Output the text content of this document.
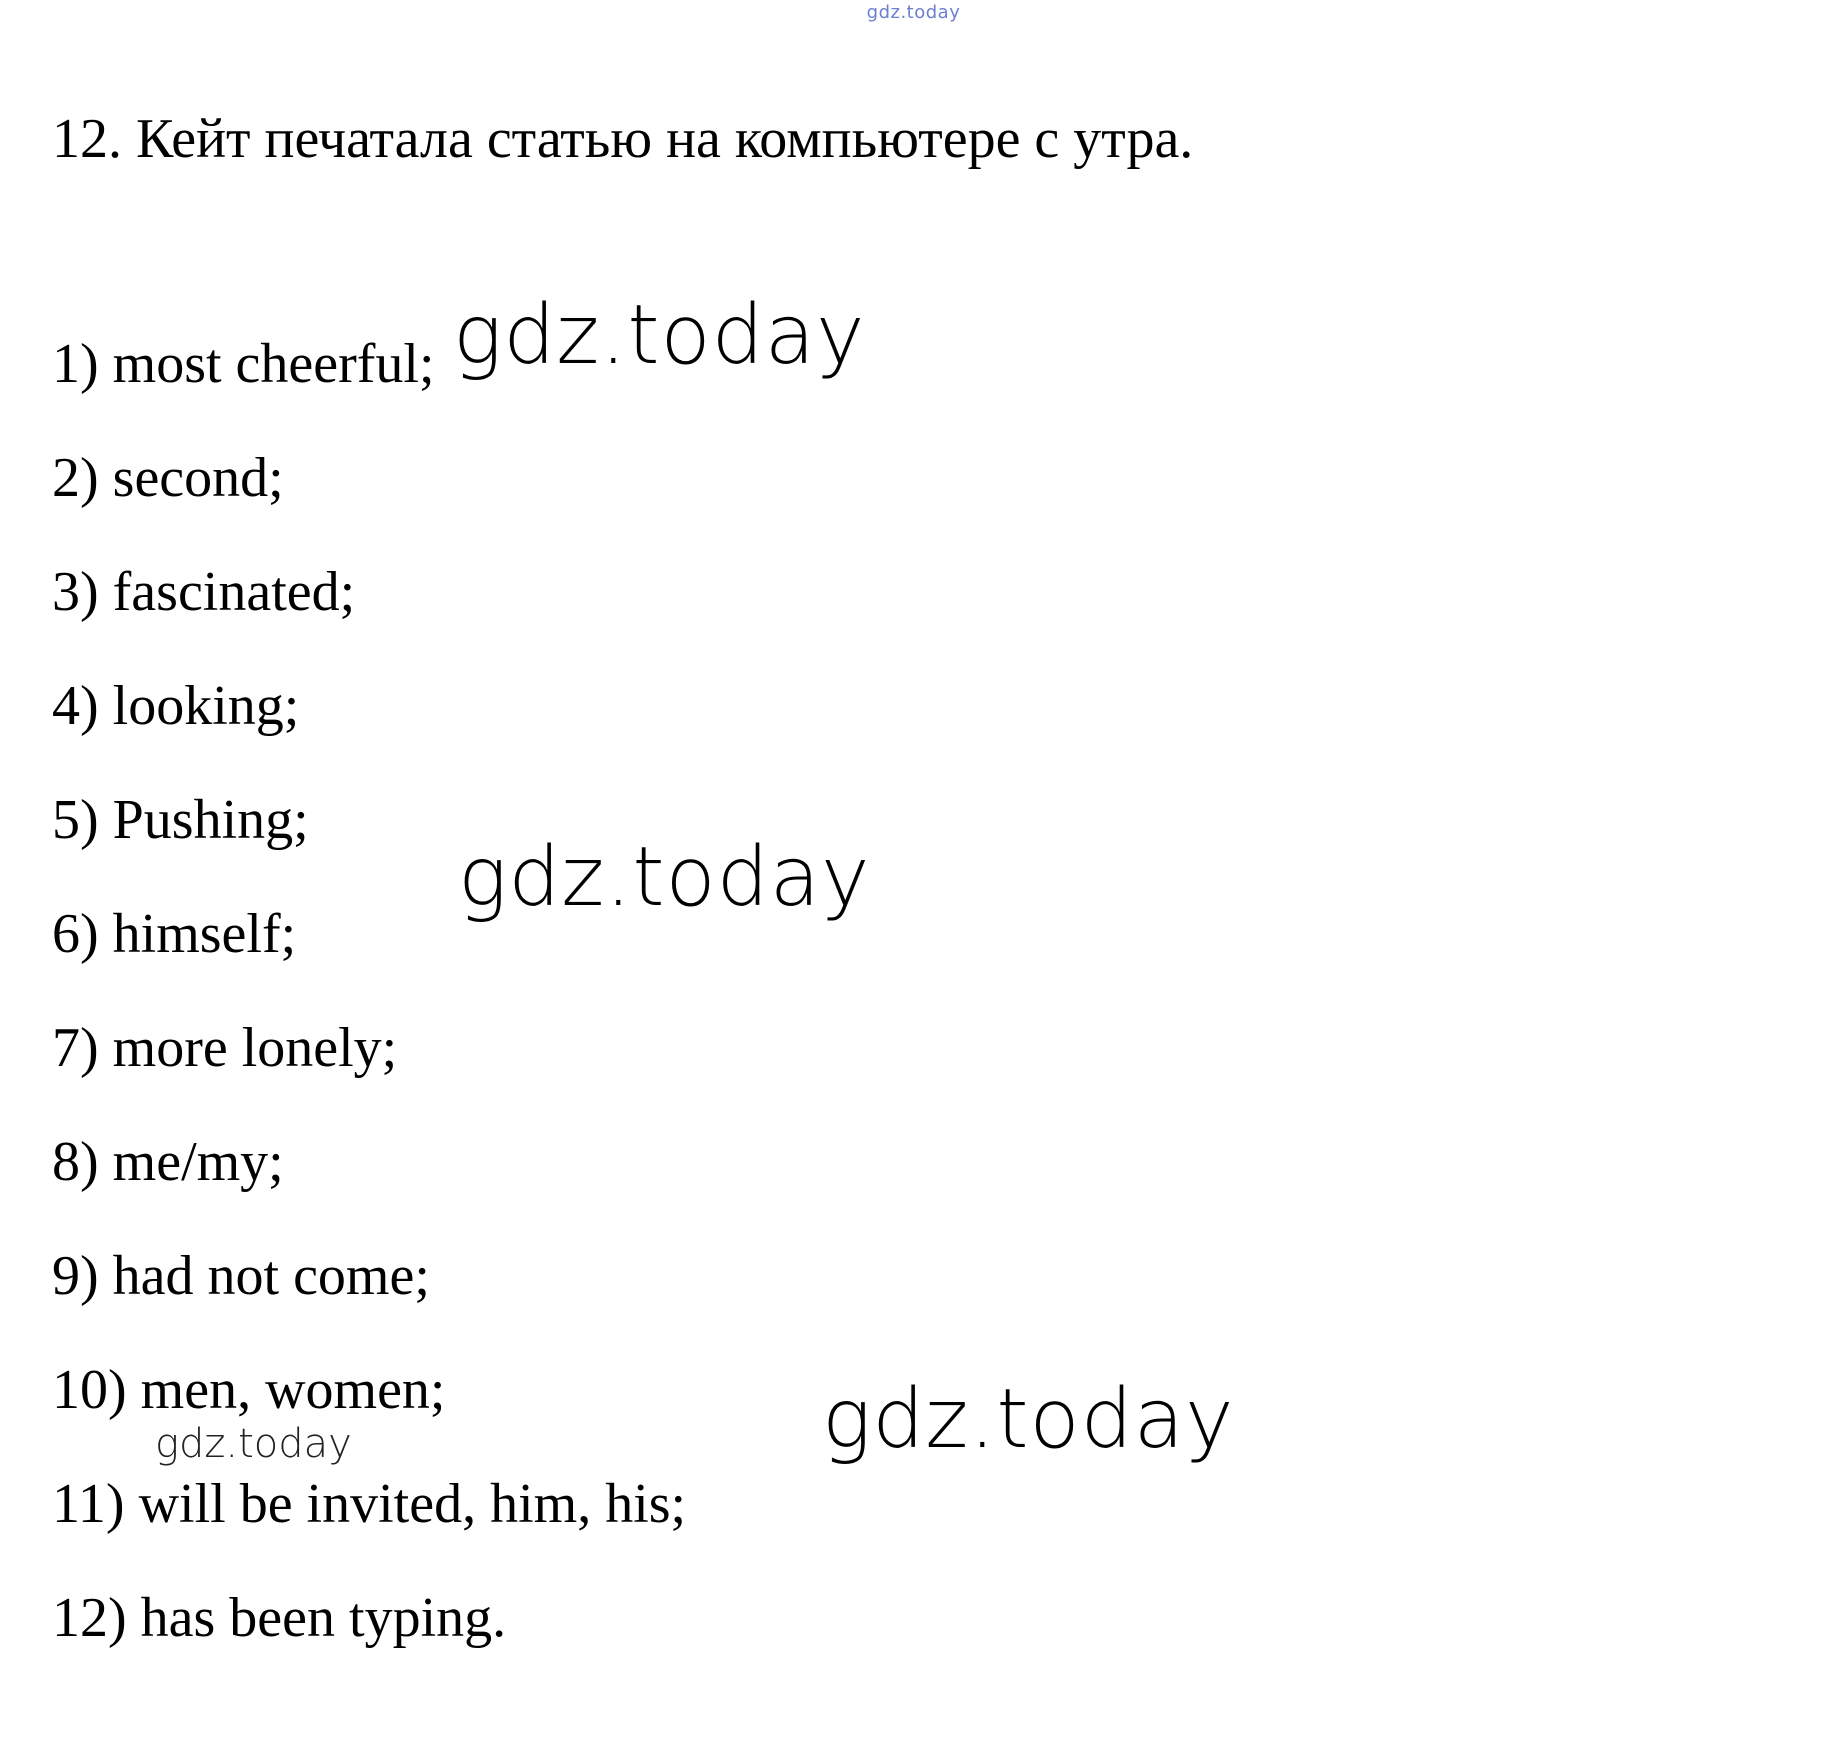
gdz.today
12. Кейт печатала статью на компьютере с утра.
1) most cheerful;
2) second;
3) fascinated;
4) looking;
5) Pushing;
6) himself;
7) more lonely;
8) me/my;
9) had not come;
10) men, women;
11) will be invited, him, his;
12) has been typing.
gdz.today
gdz.today
gdz.today
gdz.today
